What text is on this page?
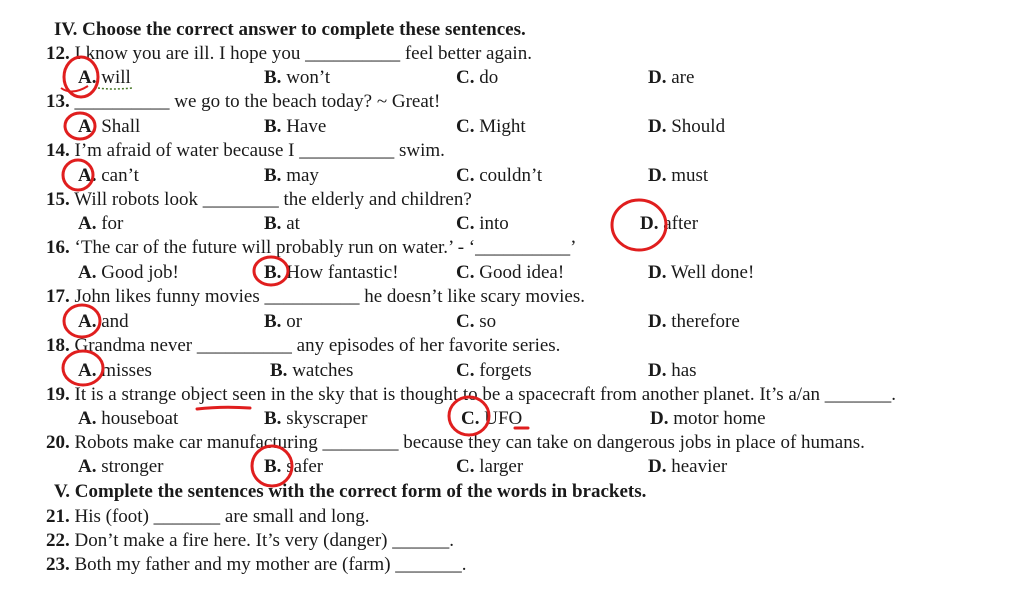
IV. Choose the correct answer to complete these sentences.
12. I know you are ill. I hope you __________ feel better again.
A. will	B. won’t	C. do	D. are
13. __________ we go to the beach today? ~ Great!
A. Shall	B. Have	C. Might	D. Should
14. I’m afraid of water because I __________ swim.
A. can’t	B. may	C. couldn’t	D. must
15. Will robots look ________ the elderly and children?
A. for	B. at	C. into	D. after
16. ‘The car of the future will probably run on water.’ - ‘__________’
A. Good job!	B. How fantastic!	C. Good idea!	D. Well done!
17. John likes funny movies __________ he doesn’t like scary movies.
A. and	B. or	C. so	D. therefore
18. Grandma never __________ any episodes of her favorite series.
A. misses	B. watches	C. forgets	D. has
19. It is a strange object seen in the sky that is thought to be a spacecraft from another planet. It’s a/an _______.
A. houseboat	B. skyscraper	C. UFO	D. motor home
20. Robots make car manufacturing ________ because they can take on dangerous jobs in place of humans.
A. stronger	B. safer	C. larger	D. heavier
V. Complete the sentences with the correct form of the words in brackets.
21. His (foot) _______ are small and long.
22. Don’t make a fire here. It’s very (danger) ______.
23. Both my father and my mother are (farm) _______.
